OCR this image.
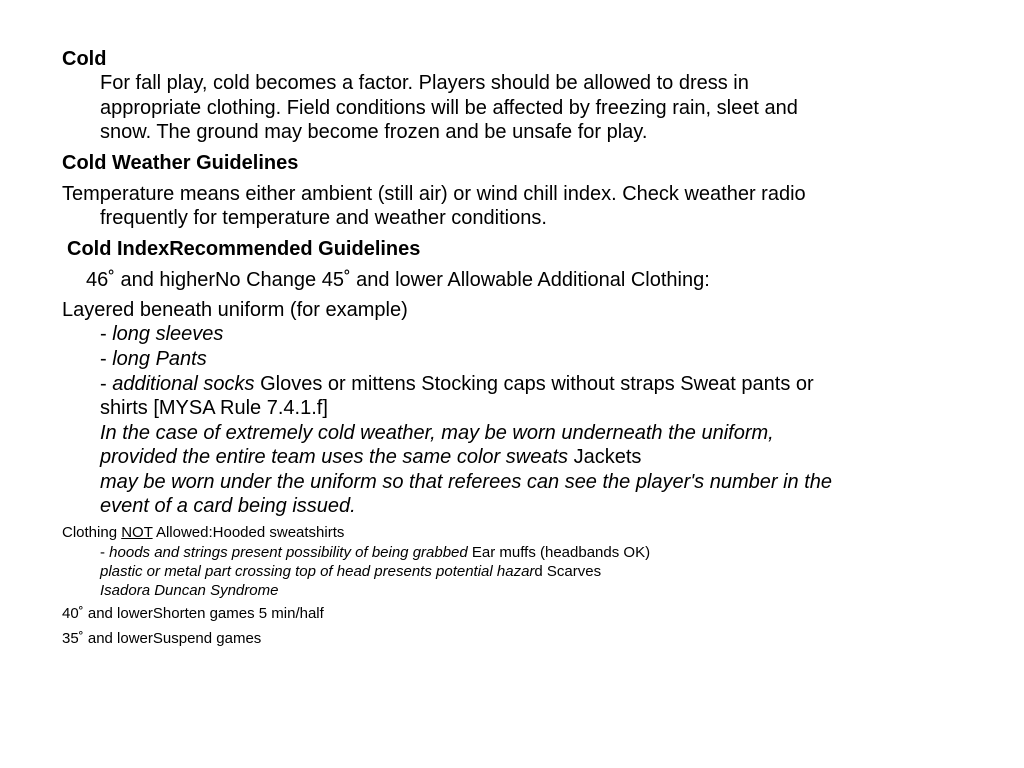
Cold

For fall play, cold becomes a factor. Players should be allowed to dress in

appropriate clothing. Field conditions will be affected by freezing rain, sleet and

snow. The ground may become frozen and be unsafe for play.

Cold Weather Guidelines

Temperature means either ambient (still air) or wind chill index. Check weather radio

frequently for temperature and weather conditions.

Cold IndexRecommended Guidelines

46˚ and higherNo Change 45˚ and lower Allowable Additional Clothing:

Layered beneath uniform (for example)

- long sleeves

- long Pants

- additional socks Gloves or mittens Stocking caps without straps Sweat pants or

shirts [MYSA Rule 7.4.1.f]

In the case of extremely cold weather, may be worn underneath the uniform,

provided the entire team uses the same color sweats Jackets

may be worn under the uniform so that referees can see the player's number in the

event of a card being issued.

Clothing NOT Allowed:Hooded sweatshirts

- hoods and strings present possibility of being grabbed Ear muffs (headbands OK)

plastic or metal part crossing top of head presents potential hazard Scarves

Isadora Duncan Syndrome

40˚ and lowerShorten games 5 min/half

35˚ and lowerSuspend games
